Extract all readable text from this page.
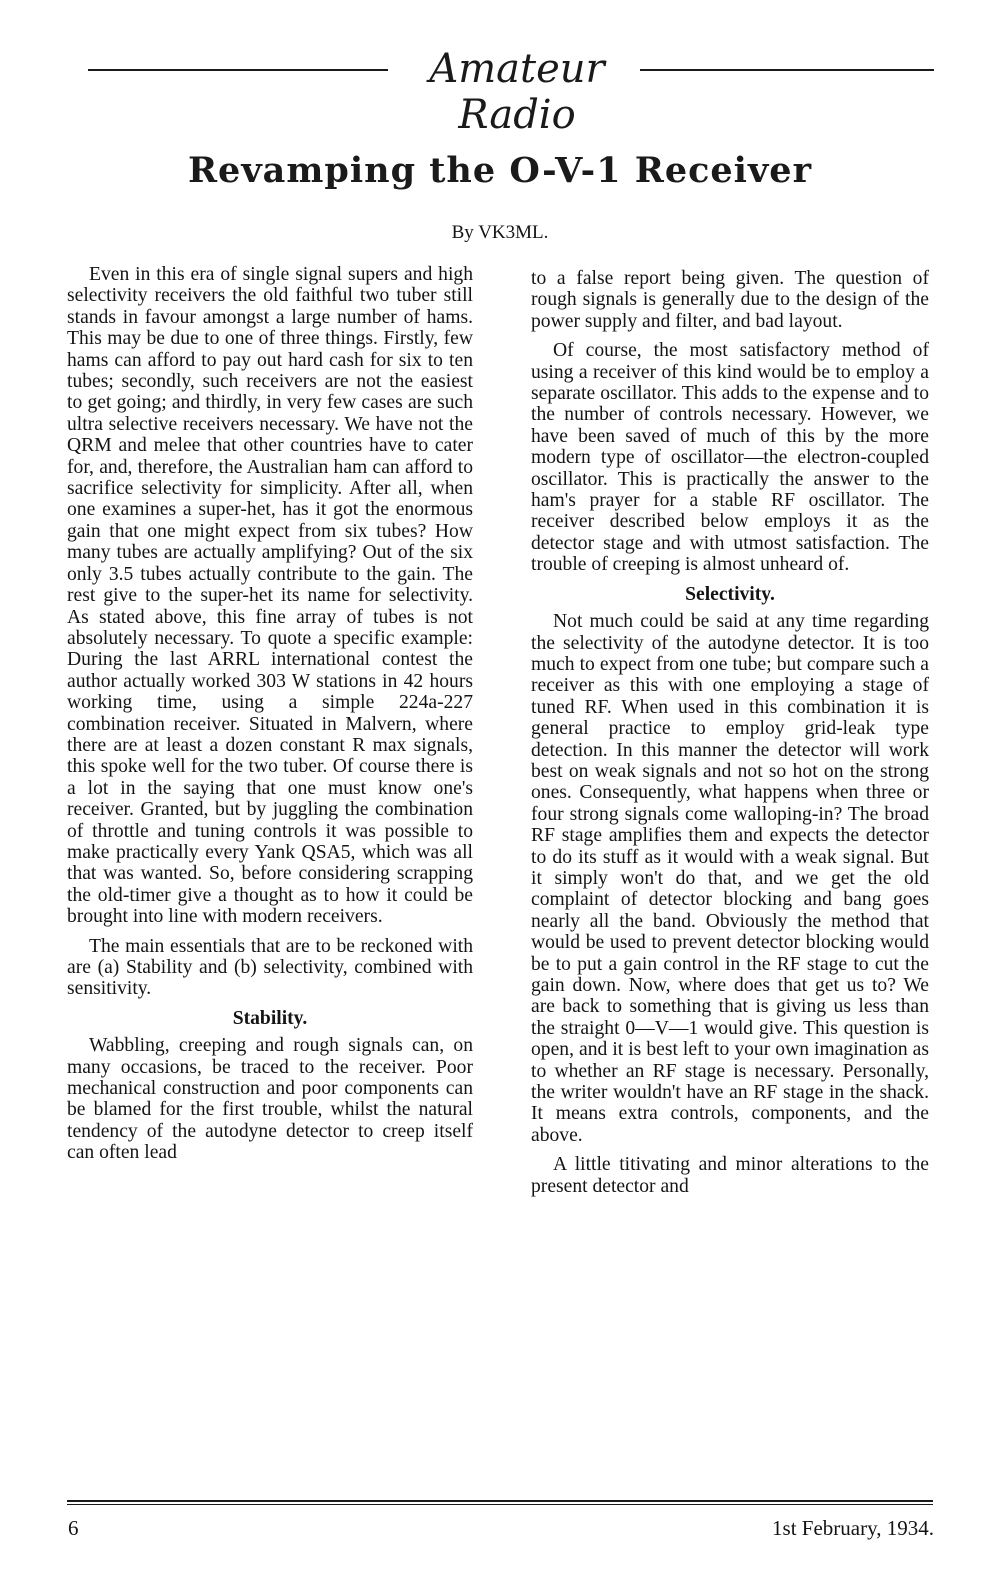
Amateur Radio
Revamping the O-V-1 Receiver
By VK3ML.

Even in this era of single signal supers and high selectivity receivers the old faithful two tuber still stands in favour amongst a large number of hams. This may be due to one of three things. Firstly, few hams can afford to pay out hard cash for six to ten tubes; secondly, such receivers are not the easiest to get going; and thirdly, in very few cases are such ultra selective receivers necessary. We have not the QRM and melee that other countries have to cater for, and, therefore, the Australian ham can afford to sacrifice selectivity for simplicity. After all, when one examines a super-het, has it got the enormous gain that one might expect from six tubes? How many tubes are actually amplifying? Out of the six only 3.5 tubes actually contribute to the gain. The rest give to the super-het its name for selectivity. As stated above, this fine array of tubes is not absolutely necessary. To quote a specific example: During the last ARRL international contest the author actually worked 303 W stations in 42 hours working time, using a simple 224a-227 combination receiver. Situated in Malvern, where there are at least a dozen constant R max signals, this spoke well for the two tuber. Of course there is a lot in the saying that one must know one's receiver. Granted, but by juggling the combination of throttle and tuning controls it was possible to make practically every Yank QSA5, which was all that was wanted. So, before considering scrapping the old-timer give a thought as to how it could be brought into line with modern receivers.

The main essentials that are to be reckoned with are (a) Stability and (b) selectivity, combined with sensitivity.

Stability.

Wabbling, creeping and rough signals can, on many occasions, be traced to the receiver. Poor mechanical construction and poor components can be blamed for the first trouble, whilst the natural tendency of the autodyne detector to creep itself can often lead

to a false report being given. The question of rough signals is generally due to the design of the power supply and filter, and bad layout.

Of course, the most satisfactory method of using a receiver of this kind would be to employ a separate oscillator. This adds to the expense and to the number of controls necessary. However, we have been saved of much of this by the more modern type of oscillator—the electron-coupled oscillator. This is practically the answer to the ham's prayer for a stable RF oscillator. The receiver described below employs it as the detector stage and with utmost satisfaction. The trouble of creeping is almost unheard of.

Selectivity.

Not much could be said at any time regarding the selectivity of the autodyne detector. It is too much to expect from one tube; but compare such a receiver as this with one employing a stage of tuned RF. When used in this combination it is general practice to employ grid-leak type detection. In this manner the detector will work best on weak signals and not so hot on the strong ones. Consequently, what happens when three or four strong signals come walloping-in? The broad RF stage amplifies them and expects the detector to do its stuff as it would with a weak signal. But it simply won't do that, and we get the old complaint of detector blocking and bang goes nearly all the band. Obviously the method that would be used to prevent detector blocking would be to put a gain control in the RF stage to cut the gain down. Now, where does that get us to? We are back to something that is giving us less than the straight 0—V—1 would give. This question is open, and it is best left to your own imagination as to whether an RF stage is necessary. Personally, the writer wouldn't have an RF stage in the shack. It means extra controls, components, and the above.

A little titivating and minor alterations to the present detector and

6	1st February, 1934.
